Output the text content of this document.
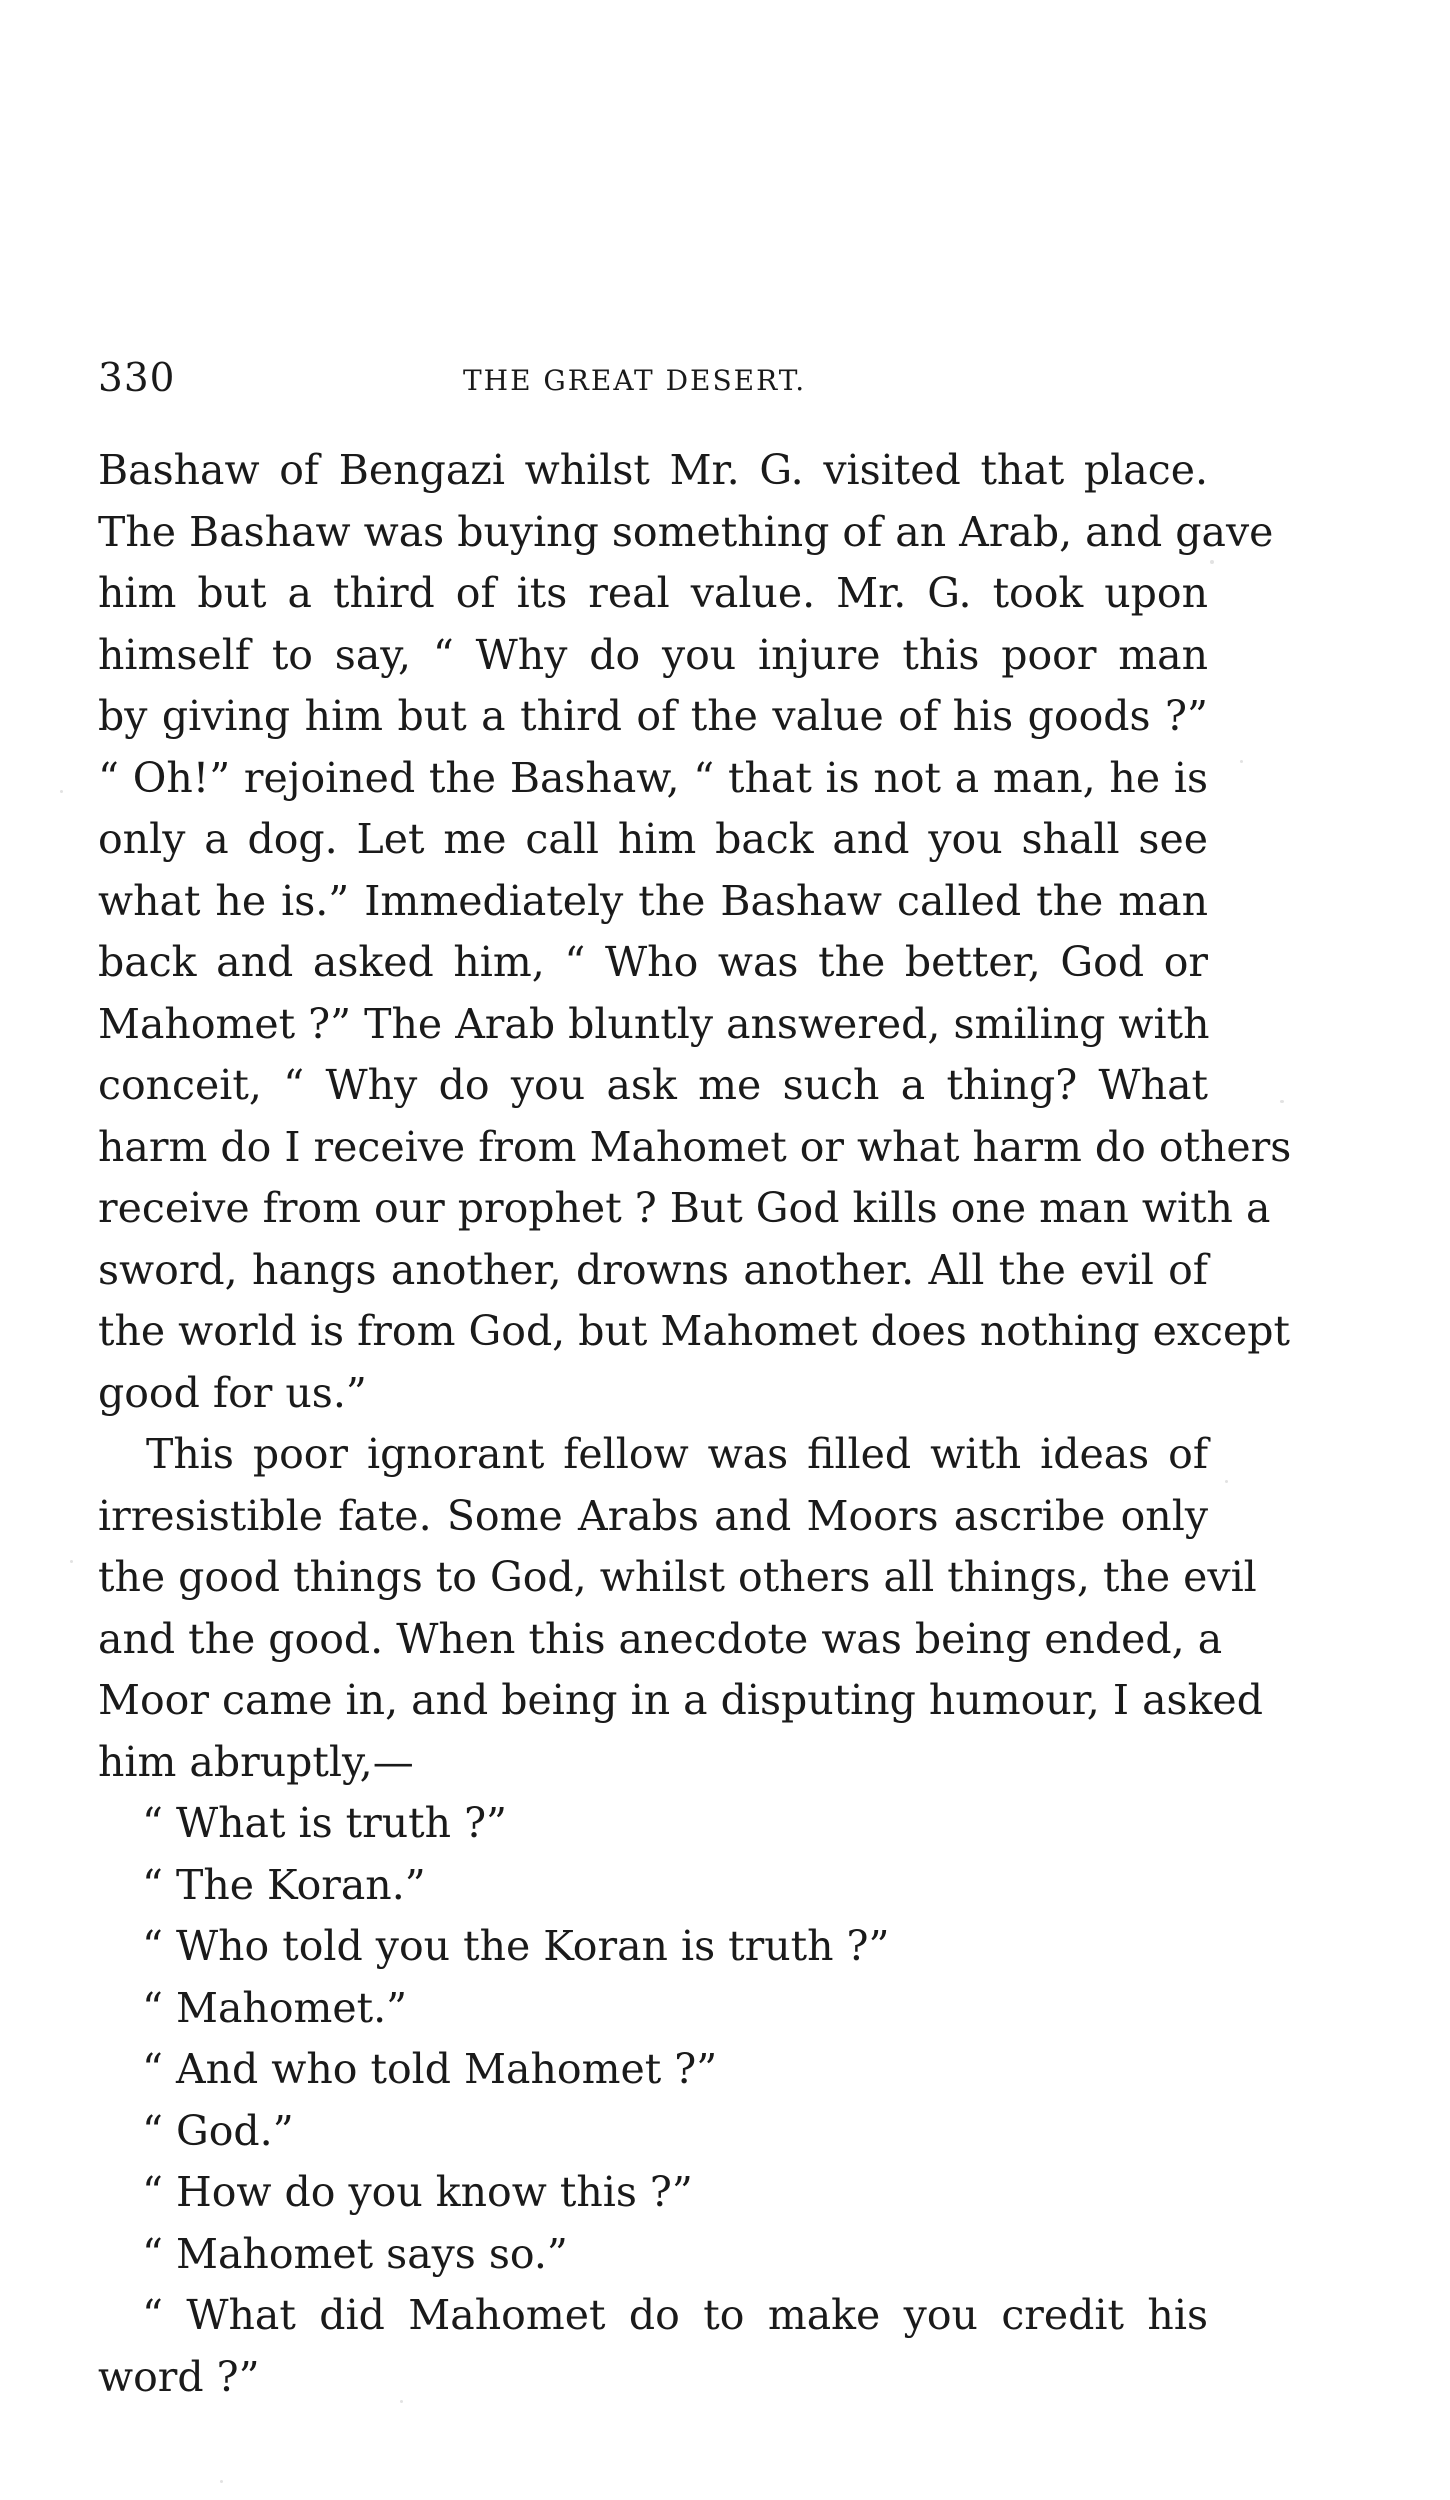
330	THE GREAT DESERT.
Bashaw of Bengazi whilst Mr. G. visited that place.
The Bashaw was buying something of an Arab, and gave
him but a third of its real value. Mr. G. took upon
himself to say, “ Why do you injure this poor man
by giving him but a third of the value of his goods ?”
“ Oh!” rejoined the Bashaw, “ that is not a man, he is
only a dog. Let me call him back and you shall see
what he is.” Immediately the Bashaw called the man
back and asked him, “ Who was the better, God or
Mahomet ?” The Arab bluntly answered, smiling with
conceit, “ Why do you ask me such a thing? What
harm do I receive from Mahomet or what harm do others
receive from our prophet ? But God kills one man with a
sword, hangs another, drowns another. All the evil of
the world is from God, but Mahomet does nothing except
good for us.”
This poor ignorant fellow was filled with ideas of
irresistible fate. Some Arabs and Moors ascribe only
the good things to God, whilst others all things, the evil
and the good. When this anecdote was being ended, a
Moor came in, and being in a disputing humour, I asked
him abruptly,—
“ What is truth ?”
“ The Koran.”
“ Who told you the Koran is truth ?”
“ Mahomet.”
“ And who told Mahomet ?”
“ God.”
“ How do you know this ?”
“ Mahomet says so.”
“ What did Mahomet do to make you credit his
word ?”
